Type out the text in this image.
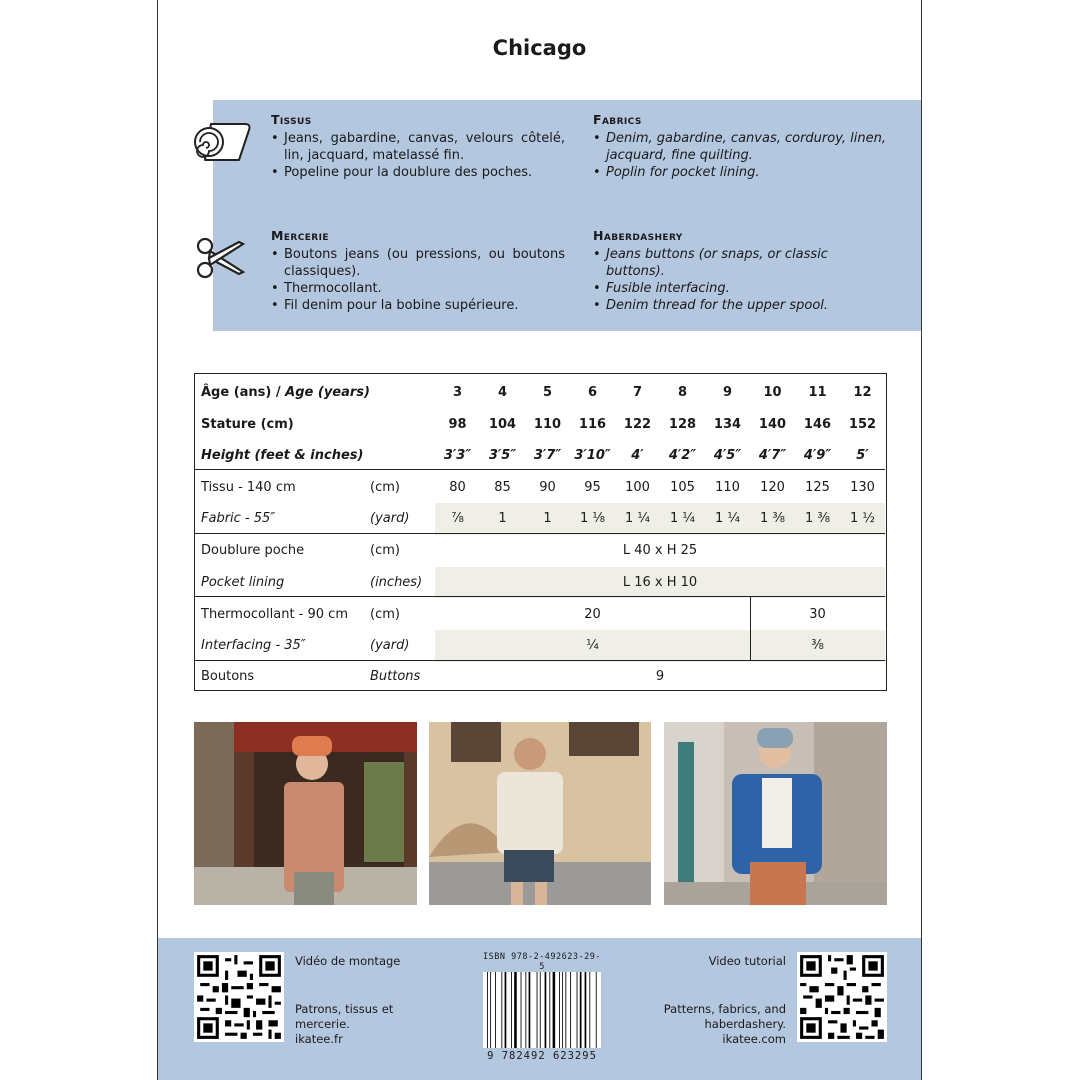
Chicago
Tissus
• Jeans, gabardine, canvas, velours côtelé, lin, jacquard, matelassé fin.
• Popeline pour la doublure des poches.
Fabrics
• Denim, gabardine, canvas, corduroy, linen, jacquard, fine quilting.
• Poplin for pocket lining.
Mercerie
• Boutons jeans (ou pressions, ou boutons classiques).
• Thermocollant.
• Fil denim pour la bobine supérieure.
Haberdashery
• Jeans buttons (or snaps, or classic buttons).
• Fusible interfacing.
• Denim thread for the upper spool.
Âge (ans) / Age (years)	3	4	5	6	7	8	9	10	11	12
Stature (cm)	98	104	110	116	122	128	134	140	146	152
Height (feet & inches)	3′3″	3′5″	3′7″	3′10″	4′	4′2″	4′5″	4′7″	4′9″	5′
Tissu - 140 cm	(cm)	80	85	90	95	100	105	110	120	125	130
Fabric - 55″	(yard)	⅞	1	1	1 ⅛	1 ¼	1 ¼	1 ¼	1 ⅜	1 ⅜	1 ½
Doublure poche	(cm)	L 40 x H 25
Pocket lining	(inches)	L 16 x H 10
Thermocollant - 90 cm (cm)	20	30
Interfacing - 35″	(yard)	¼	⅜
Boutons	Buttons	9
Vidéo de montage
Patrons, tissus et
mercerie.
ikatee.fr
ISBN 978-2-492623-29-5
9 782492 623295
Video tutorial
Patterns, fabrics, and
haberdashery.
ikatee.com
